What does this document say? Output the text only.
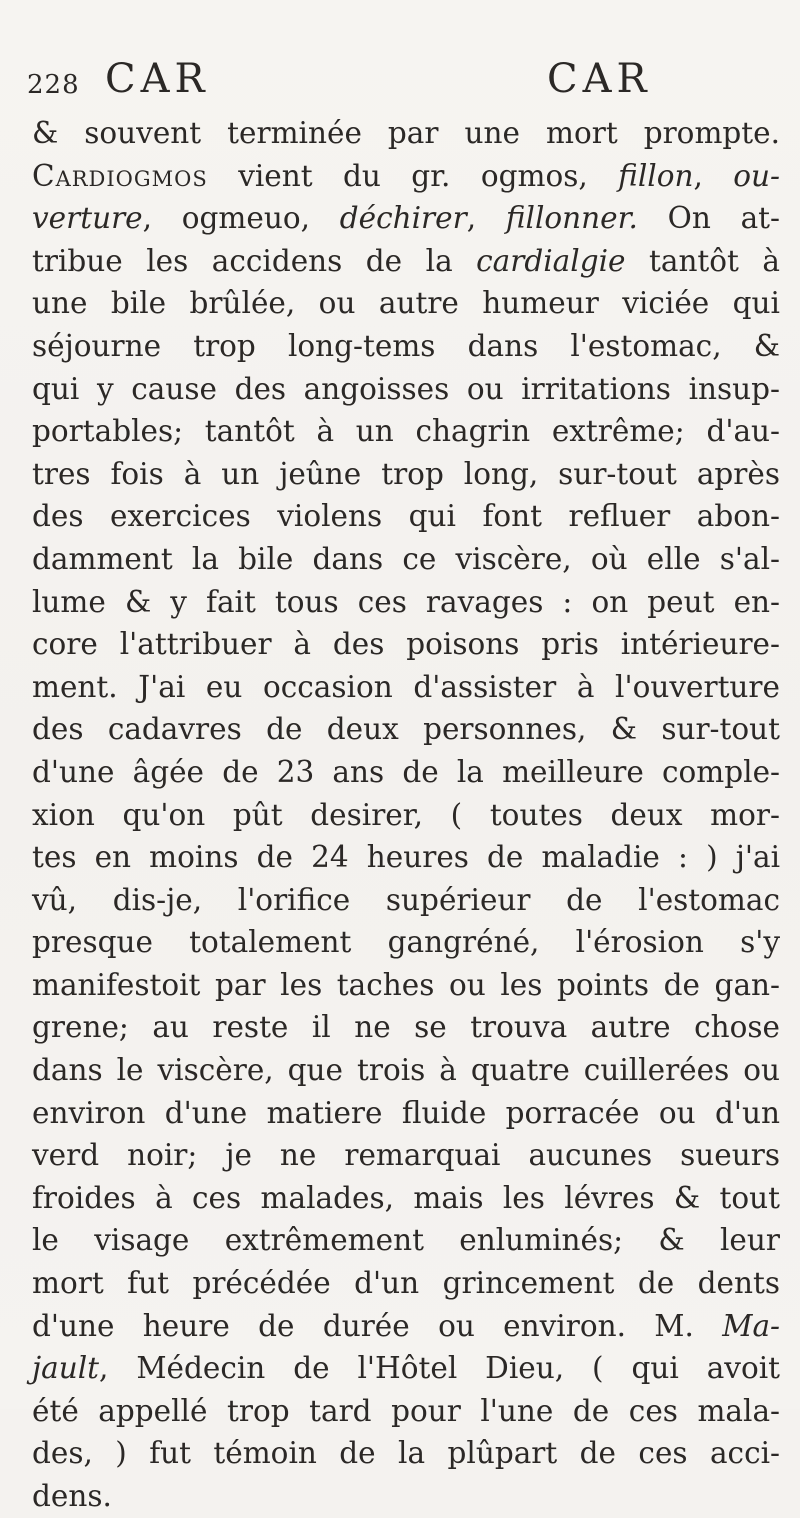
228 CAR	CAR
& souvent terminée par une mort prompte.
Cardiogmos vient du gr. ogmos, fillon, ou-
verture, ogmeuo, déchirer, fillonner. On at-
tribue les accidens de la cardialgie tantôt à
une bile brûlée, ou autre humeur viciée qui
séjourne trop long-tems dans l'estomac, &
qui y cause des angoisses ou irritations insup-
portables; tantôt à un chagrin extrême; d'au-
tres fois à un jeûne trop long, sur-tout après
des exercices violens qui font refluer abon-
damment la bile dans ce viscère, où elle s'al-
lume & y fait tous ces ravages : on peut en-
core l'attribuer à des poisons pris intérieure-
ment. J'ai eu occasion d'assister à l'ouverture
des cadavres de deux personnes, & sur-tout
d'une âgée de 23 ans de la meilleure comple-
xion qu'on pût desirer, ( toutes deux mor-
tes en moins de 24 heures de maladie : ) j'ai
vû, dis-je, l'orifice supérieur de l'estomac
presque totalement gangréné, l'érosion s'y
manifestoit par les taches ou les points de gan-
grene; au reste il ne se trouva autre chose
dans le viscère, que trois à quatre cuillerées ou
environ d'une matiere fluide porracée ou d'un
verd noir; je ne remarquai aucunes sueurs
froides à ces malades, mais les lévres & tout
le visage extrêmement enluminés; & leur
mort fut précédée d'un grincement de dents
d'une heure de durée ou environ. M. Ma-
jault, Médecin de l'Hôtel Dieu, ( qui avoit
été appellé trop tard pour l'une de ces mala-
des, ) fut témoin de la plûpart de ces acci-
dens.
